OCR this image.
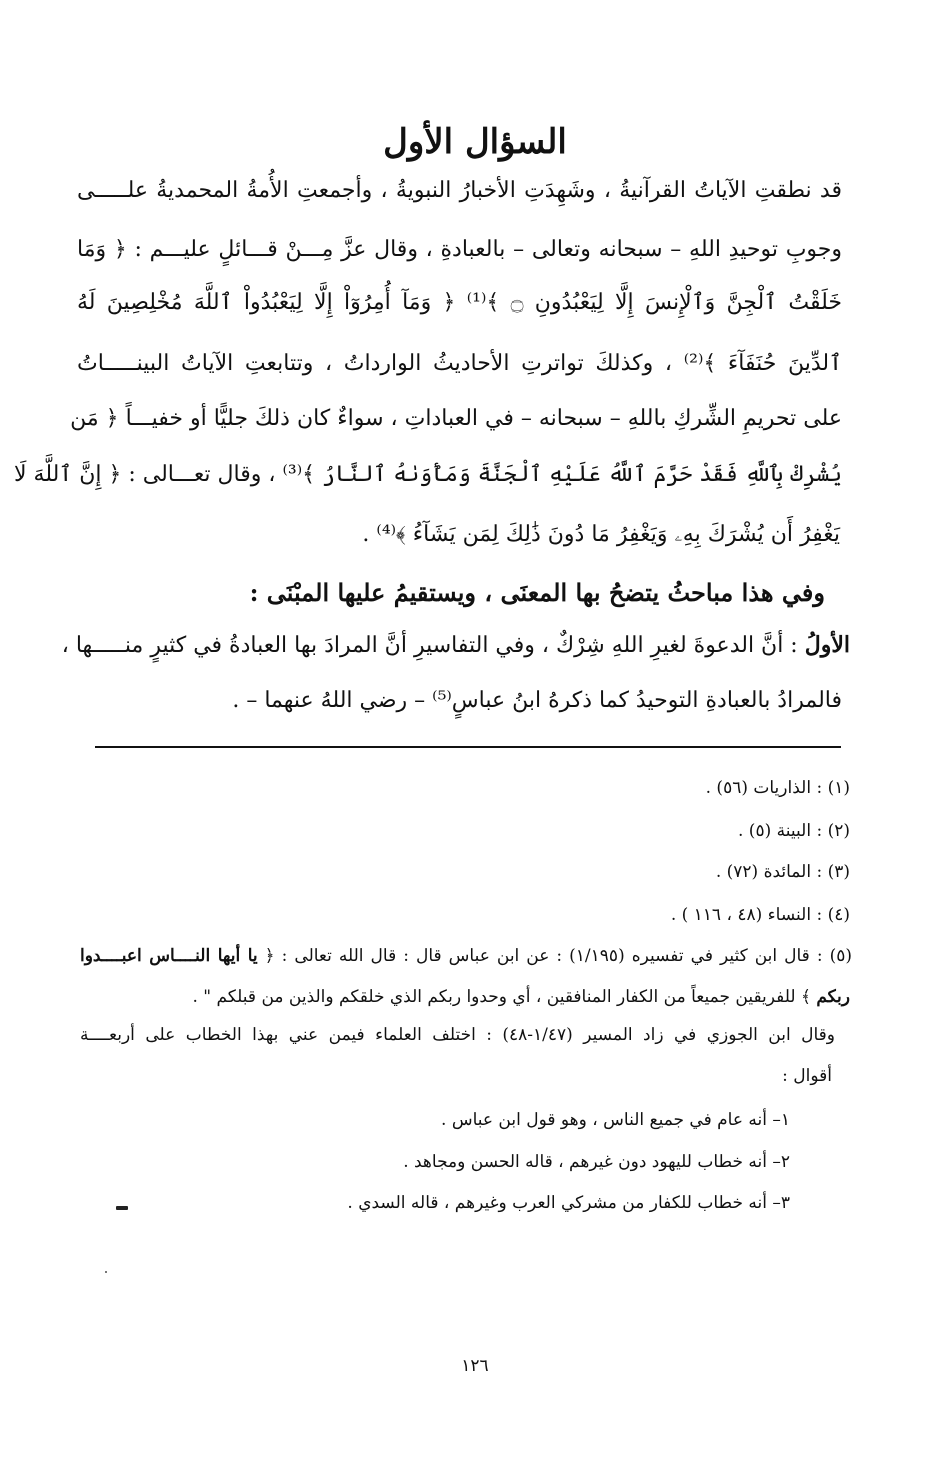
السؤال الأول
قد نطقتِ الآياتُ القرآنيةُ ، وشَهِدَتِ الأخبارُ النبويةُ ، وأجمعتِ الأُمةُ المحمديةُ علـــــى
وجوبِ توحيدِ اللهِ – سبحانه وتعالى – بالعبادةِ ، وقال عزَّ مِـــنْ قـــائلٍ عليـــم : ﴿ وَمَا
خَلَقْتُ ٱلْجِنَّ وَٱلْإِنسَ إِلَّا لِيَعْبُدُونِ ۝ ﴾⁽¹⁾ ﴿ وَمَآ أُمِرُوٓاْ إِلَّا لِيَعْبُدُواْ ٱللَّهَ مُخْلِصِينَ لَهُ
ٱلدِّينَ حُنَفَآءَ ﴾⁽²⁾ ، وكذلكَ تواترتِ الأحاديثُ الوارداتُ ، وتتابعتِ الآياتُ البينـــــاتُ
على تحريمِ الشِّركِ باللهِ – سبحانه – في العباداتِ ، سواءٌ كان ذلكَ جليًّا أو خفيـــاً ﴿ مَن
يُشْرِكْ بِٱللَّهِ فَقَدْ حَرَّمَ ٱللَّهُ عَلَيْهِ ٱلْجَنَّةَ وَمَأْوَىٰهُ ٱلنَّارُ ﴾⁽³⁾ ، وقال تعـــالى : ﴿ إِنَّ ٱللَّهَ لَا
يَغْفِرُ أَن يُشْرَكَ بِهِۦ وَيَغْفِرُ مَا دُونَ ذَٰلِكَ لِمَن يَشَآءُ ﴾⁽⁴⁾ .
وفي هذا مباحثُ يتضحُ بها المعنَى ، ويستقيمُ عليها المبْنَى :
الأولُ : أنَّ الدعوةَ لغيرِ اللهِ شِرْكٌ ، وفي التفاسيرِ أنَّ المرادَ بها العبادةُ في كثيرٍ منـــــها ،
فالمرادُ بالعبادةِ التوحيدُ كما ذكرهُ ابنُ عباسٍ⁽⁵⁾ – رضي اللهُ عنهما – .
(١) : الذاريات (٥٦) .
(٢) : البينة (٥) .
(٣) : المائدة (٧٢) .
(٤) : النساء (٤٨ ، ١١٦ ) .
(٥) : قال ابن كثير في تفسيره (١/١٩٥) : عن ابن عباس قال : قال الله تعالى : ﴿ يا أيها النــــاس اعبــــدوا
ربكم ﴾ للفريقين جميعاً من الكفار المنافقين ، أي وحدوا ربكم الذي خلقكم والذين من قبلكم " .
وقال ابن الجوزي في زاد المسير (١/٤٧-٤٨) : اختلف العلماء فيمن عني بهذا الخطاب على أربعــــة
أقوال :
١– أنه عام في جميع الناس ، وهو قول ابن عباس .
٢– أنه خطاب لليهود دون غيرهم ، قاله الحسن ومجاهد .
٣– أنه خطاب للكفار من مشركي العرب وغيرهم ، قاله السدي .
١٢٦
